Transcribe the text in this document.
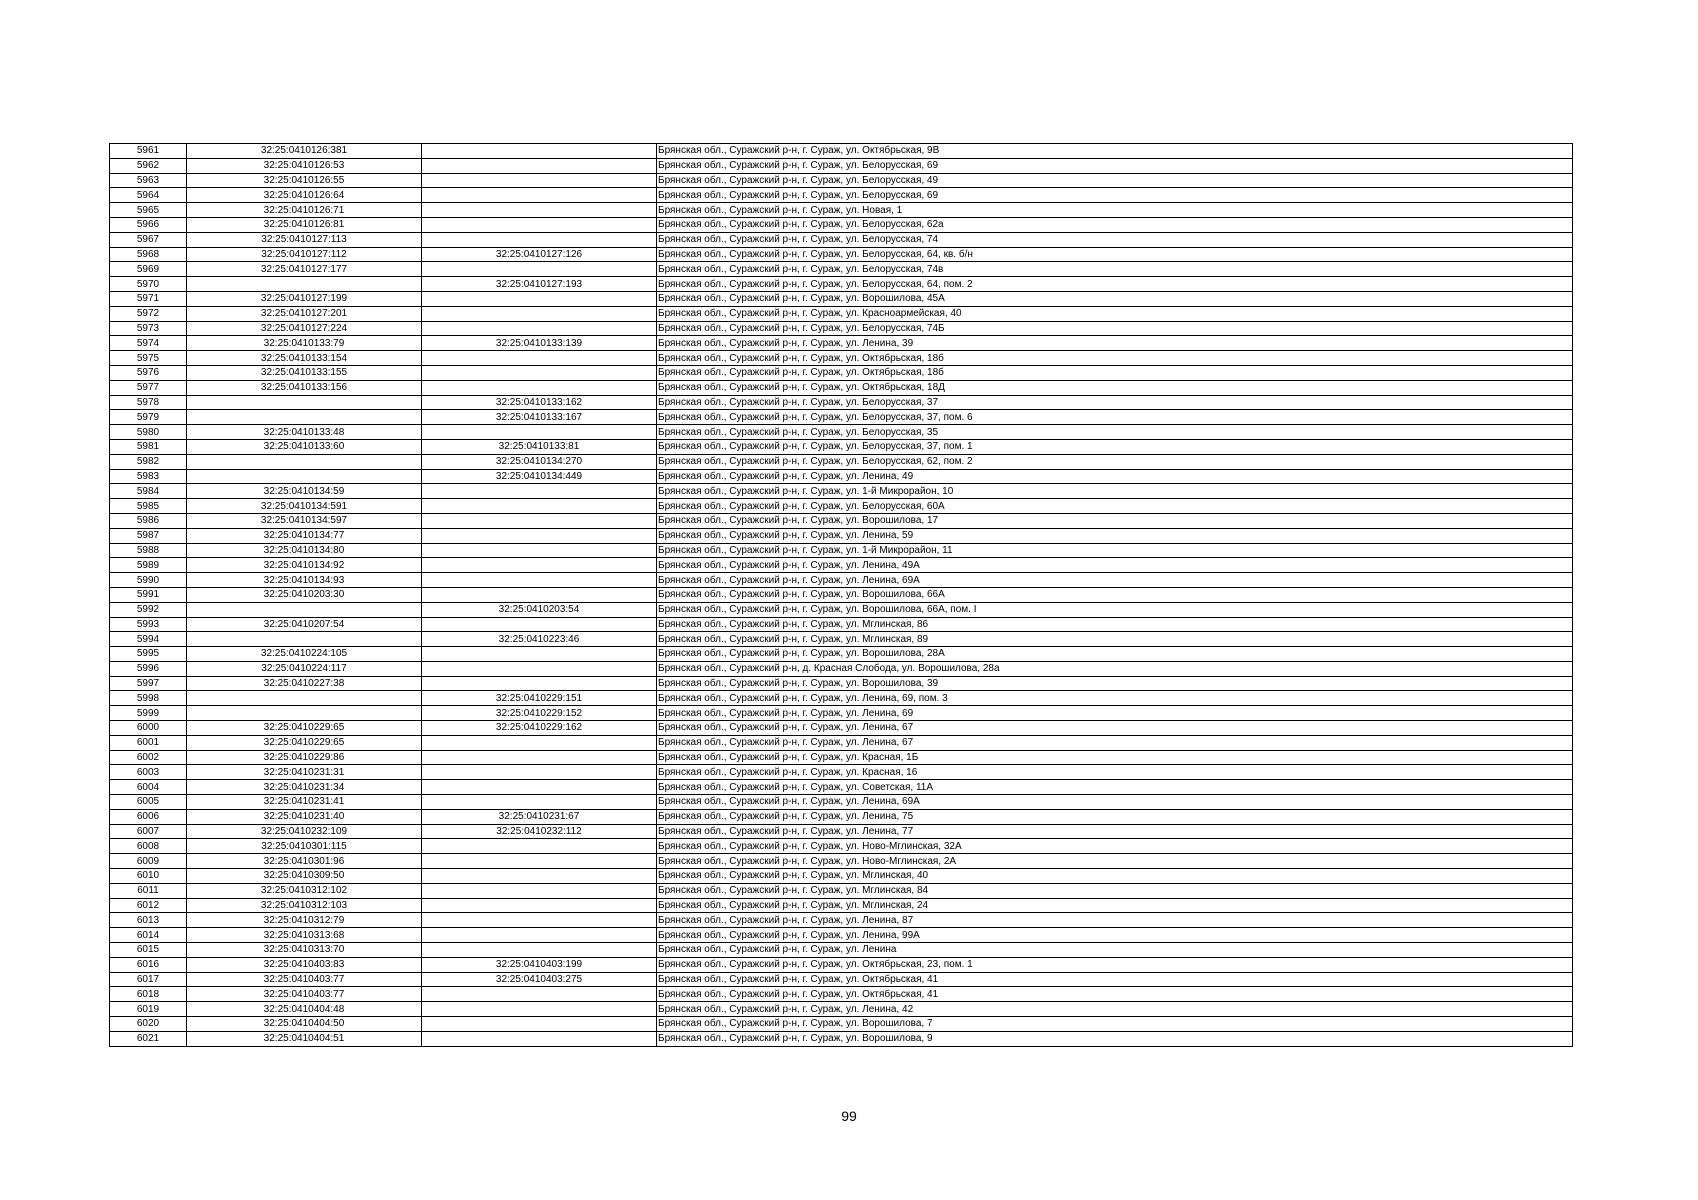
5961	32:25:0410126:381		Брянская обл., Суражский р-н, г. Сураж, ул. Октябрьская, 9В
5962	32:25:0410126:53		Брянская обл., Суражский р-н, г. Сураж, ул. Белорусская, 69
5963	32:25:0410126:55		Брянская обл., Суражский р-н, г. Сураж, ул. Белорусская, 49
5964	32:25:0410126:64		Брянская обл., Суражский р-н, г. Сураж, ул. Белорусская, 69
5965	32:25:0410126:71		Брянская обл., Суражский р-н, г. Сураж, ул. Новая, 1
5966	32:25:0410126:81		Брянская обл., Суражский р-н, г. Сураж, ул. Белорусская, 62а
5967	32:25:0410127:113		Брянская обл., Суражский р-н, г. Сураж, ул. Белорусская, 74
5968	32:25:0410127:112	32:25:0410127:126	Брянская обл., Суражский р-н, г. Сураж, ул. Белорусская, 64, кв. б/н
5969	32:25:0410127:177		Брянская обл., Суражский р-н, г. Сураж, ул. Белорусская, 74в
5970		32:25:0410127:193	Брянская обл., Суражский р-н, г. Сураж, ул. Белорусская, 64, пом. 2
5971	32:25:0410127:199		Брянская обл., Суражский р-н, г. Сураж, ул. Ворошилова, 45А
5972	32:25:0410127:201		Брянская обл., Суражский р-н, г. Сураж, ул. Красноармейская, 40
5973	32:25:0410127:224		Брянская обл., Суражский р-н, г. Сураж, ул. Белорусская, 74Б
5974	32:25:0410133:79	32:25:0410133:139	Брянская обл., Суражский р-н, г. Сураж, ул. Ленина, 39
5975	32:25:0410133:154		Брянская обл., Суражский р-н, г. Сураж, ул. Октябрьская, 18б
5976	32:25:0410133:155		Брянская обл., Суражский р-н, г. Сураж, ул. Октябрьская, 18б
5977	32:25:0410133:156		Брянская обл., Суражский р-н, г. Сураж, ул. Октябрьская, 18Д
5978		32:25:0410133:162	Брянская обл., Суражский р-н, г. Сураж, ул. Белорусская, 37
5979		32:25:0410133:167	Брянская обл., Суражский р-н, г. Сураж, ул. Белорусская, 37, пом. 6
5980	32:25:0410133:48		Брянская обл., Суражский р-н, г. Сураж, ул. Белорусская, 35
5981	32:25:0410133:60	32:25:0410133:81	Брянская обл., Суражский р-н, г. Сураж, ул. Белорусская, 37, пом. 1
5982		32:25:0410134:270	Брянская обл., Суражский р-н, г. Сураж, ул. Белорусская, 62, пом. 2
5983		32:25:0410134:449	Брянская обл., Суражский р-н, г. Сураж, ул. Ленина, 49
5984	32:25:0410134:59		Брянская обл., Суражский р-н, г. Сураж, ул. 1-й Микрорайон, 10
5985	32:25:0410134:591		Брянская обл., Суражский р-н, г. Сураж, ул. Белорусская, 60А
5986	32:25:0410134:597		Брянская обл., Суражский р-н, г. Сураж, ул. Ворошилова, 17
5987	32:25:0410134:77		Брянская обл., Суражский р-н, г. Сураж, ул. Ленина, 59
5988	32:25:0410134:80		Брянская обл., Суражский р-н, г. Сураж, ул. 1-й Микрорайон, 11
5989	32:25:0410134:92		Брянская обл., Суражский р-н, г. Сураж, ул. Ленина, 49А
5990	32:25:0410134:93		Брянская обл., Суражский р-н, г. Сураж, ул. Ленина, 69А
5991	32:25:0410203:30		Брянская обл., Суражский р-н, г. Сураж, ул. Ворошилова, 66А
5992		32:25:0410203:54	Брянская обл., Суражский р-н, г. Сураж, ул. Ворошилова, 66А, пом. I
5993	32:25:0410207:54		Брянская обл., Суражский р-н, г. Сураж, ул. Мглинская, 86
5994		32:25:0410223:46	Брянская обл., Суражский р-н, г. Сураж, ул. Мглинская, 89
5995	32:25:0410224:105		Брянская обл., Суражский р-н, г. Сураж, ул. Ворошилова, 28А
5996	32:25:0410224:117		Брянская обл., Суражский р-н, д. Красная Слобода, ул. Ворошилова, 28а
5997	32:25:0410227:38		Брянская обл., Суражский р-н, г. Сураж, ул. Ворошилова, 39
5998		32:25:0410229:151	Брянская обл., Суражский р-н, г. Сураж, ул. Ленина, 69, пом. 3
5999		32:25:0410229:152	Брянская обл., Суражский р-н, г. Сураж, ул. Ленина, 69
6000	32:25:0410229:65	32:25:0410229:162	Брянская обл., Суражский р-н, г. Сураж, ул. Ленина, 67
6001	32:25:0410229:65		Брянская обл., Суражский р-н, г. Сураж, ул. Ленина, 67
6002	32:25:0410229:86		Брянская обл., Суражский р-н, г. Сураж, ул. Красная, 1Б
6003	32:25:0410231:31		Брянская обл., Суражский р-н, г. Сураж, ул. Красная, 16
6004	32:25:0410231:34		Брянская обл., Суражский р-н, г. Сураж, ул. Советская, 11А
6005	32:25:0410231:41		Брянская обл., Суражский р-н, г. Сураж, ул. Ленина, 69А
6006	32:25:0410231:40	32:25:0410231:67	Брянская обл., Суражский р-н, г. Сураж, ул. Ленина, 75
6007	32:25:0410232:109	32:25:0410232:112	Брянская обл., Суражский р-н, г. Сураж, ул. Ленина, 77
6008	32:25:0410301:115		Брянская обл., Суражский р-н, г. Сураж, ул. Ново-Мглинская, 32А
6009	32:25:0410301:96		Брянская обл., Суражский р-н, г. Сураж, ул. Ново-Мглинская, 2А
6010	32:25:0410309:50		Брянская обл., Суражский р-н, г. Сураж, ул. Мглинская, 40
6011	32:25:0410312:102		Брянская обл., Суражский р-н, г. Сураж, ул. Мглинская, 84
6012	32:25:0410312:103		Брянская обл., Суражский р-н, г. Сураж, ул. Мглинская, 24
6013	32:25:0410312:79		Брянская обл., Суражский р-н, г. Сураж, ул. Ленина, 87
6014	32:25:0410313:68		Брянская обл., Суражский р-н, г. Сураж, ул. Ленина, 99А
6015	32:25:0410313:70		Брянская обл., Суражский р-н, г. Сураж, ул. Ленина
6016	32:25:0410403:83	32:25:0410403:199	Брянская обл., Суражский р-н, г. Сураж, ул. Октябрьская, 23, пом. 1
6017	32:25:0410403:77	32:25:0410403:275	Брянская обл., Суражский р-н, г. Сураж, ул. Октябрьская, 41
6018	32:25:0410403:77		Брянская обл., Суражский р-н, г. Сураж, ул. Октябрьская, 41
6019	32:25:0410404:48		Брянская обл., Суражский р-н, г. Сураж, ул. Ленина, 42
6020	32:25:0410404:50		Брянская обл., Суражский р-н, г. Сураж, ул. Ворошилова, 7
6021	32:25:0410404:51		Брянская обл., Суражский р-н, г. Сураж, ул. Ворошилова, 9
99
